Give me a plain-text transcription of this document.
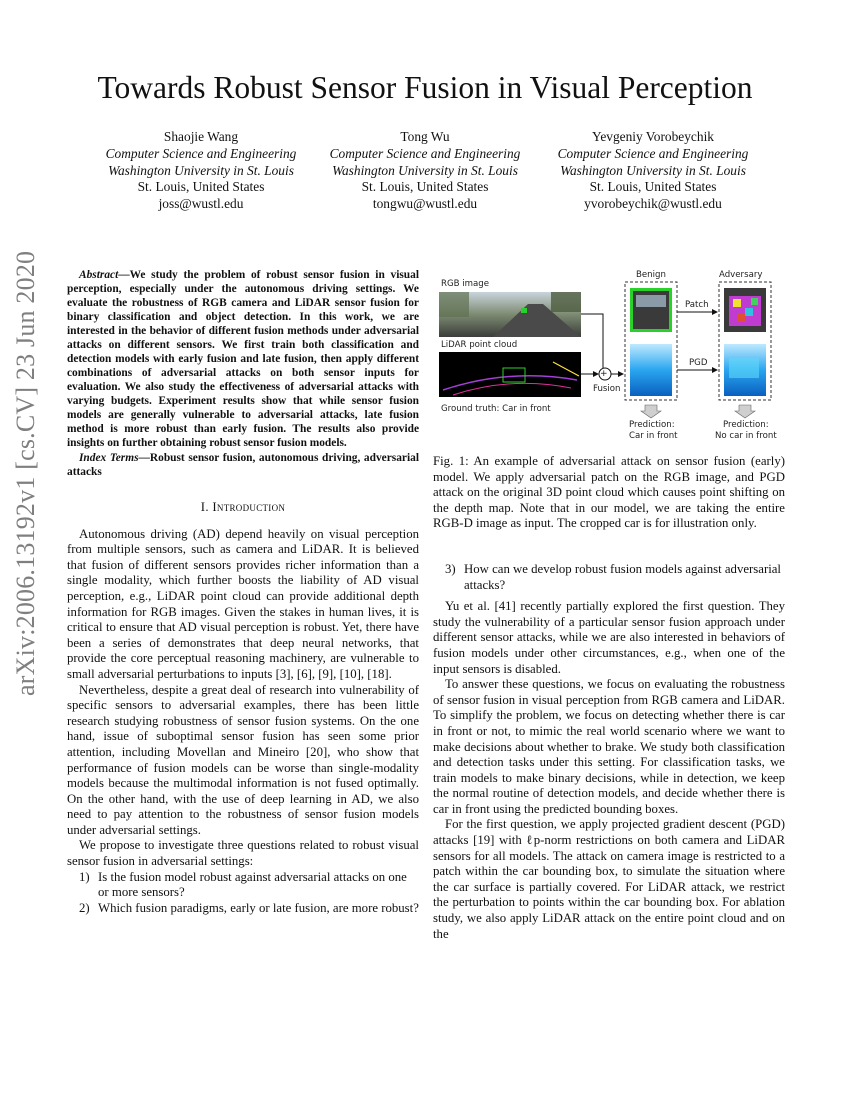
arXiv:2006.13192v1 [cs.CV] 23 Jun 2020
Towards Robust Sensor Fusion in Visual Perception
Shaojie Wang
Computer Science and Engineering
Washington University in St. Louis
St. Louis, United States
joss@wustl.edu
Tong Wu
Computer Science and Engineering
Washington University in St. Louis
St. Louis, United States
tongwu@wustl.edu
Yevgeniy Vorobeychik
Computer Science and Engineering
Washington University in St. Louis
St. Louis, United States
yvorobeychik@wustl.edu

Abstract—We study the problem of robust sensor fusion in visual perception, especially under the autonomous driving settings. We evaluate the robustness of RGB camera and LiDAR sensor fusion for binary classification and object detection. In this work, we are interested in the behavior of different fusion methods under adversarial attacks on different sensors. We first train both classification and detection models with early fusion and late fusion, then apply different combinations of adversarial attacks on both sensor inputs for evaluation. We also study the effectiveness of adversarial attacks with varying budgets. Experiment results show that while sensor fusion models are generally vulnerable to adversarial attacks, late fusion method is more robust than early fusion. The results also provide insights on further obtaining robust sensor fusion models.

Index Terms—Robust sensor fusion, autonomous driving, adversarial attacks

I. Introduction

Autonomous driving (AD) depend heavily on visual perception from multiple sensors, such as camera and LiDAR. It is believed that fusion of different sensors provides richer information than a single modality, which further boosts the liability of AD visual perception, e.g., LiDAR point cloud can provide additional depth information for RGB images. Given the stakes in human lives, it is critical to ensure that AD visual perception is robust. Yet, there have been a series of demonstrates that deep neural networks, that provide the core perceptual reasoning machinery, are vulnerable to small adversarial perturbations to inputs [3], [6], [9], [10], [18].

Nevertheless, despite a great deal of research into vulnerability of specific sensors to adversarial examples, there has been little research studying robustness of sensor fusion systems. On the one hand, issue of suboptimal sensor fusion has seen some prior attention, including Movellan and Mineiro [20], who show that performance of fusion models can be worse than single-modality models because the multimodal information is not fused optimally. On the other hand, with the use of deep learning in AD, we also need to pay attention to the robustness of sensor fusion models under adversarial settings.

We propose to investigate three questions related to robust visual sensor fusion in adversarial settings:

1) Is the fusion model robust against adversarial attacks on one or more sensors?
2) Which fusion paradigms, early or late fusion, are more robust?
RGB image
LiDAR point cloud
Ground truth: Car in front
+
Fusion
Benign	Adversary
Patch
PGD
Prediction:
Car in front
Prediction:
No car in front

Fig. 1: An example of adversarial attack on sensor fusion (early) model. We apply adversarial patch on the RGB image, and PGD attack on the original 3D point cloud which causes point shifting on the depth map. Note that in our model, we are taking the entire RGB-D image as input. The cropped car is for illustration only.

3) How can we develop robust fusion models against adversarial attacks?

Yu et al. [41] recently partially explored the first question. They study the vulnerability of a particular sensor fusion approach under different sensor attacks, while we are also interested in behaviors of fusion models under other circumstances, e.g., when one of the input sensors is disabled.

To answer these questions, we focus on evaluating the robustness of sensor fusion in visual perception from RGB camera and LiDAR. To simplify the problem, we focus on detecting whether there is car in front or not, to mimic the real world scenario where we want to make decisions about whether to brake. We study both classification and detection tasks under this setting. For classification tasks, we train models to make binary decisions, while in detection, we keep the normal routine of detection models, and decide whether there is car in front using the predicted bounding boxes.

For the first question, we apply projected gradient descent (PGD) attacks [19] with ℓp-norm restrictions on both camera and LiDAR sensors for all models. The attack on camera image is restricted to a patch within the car bounding box, to simulate the situation where the car surface is partially covered. For LiDAR attack, we restrict the perturbation to points within the car bounding box. For ablation study, we also apply LiDAR attack on the entire point cloud and on the
